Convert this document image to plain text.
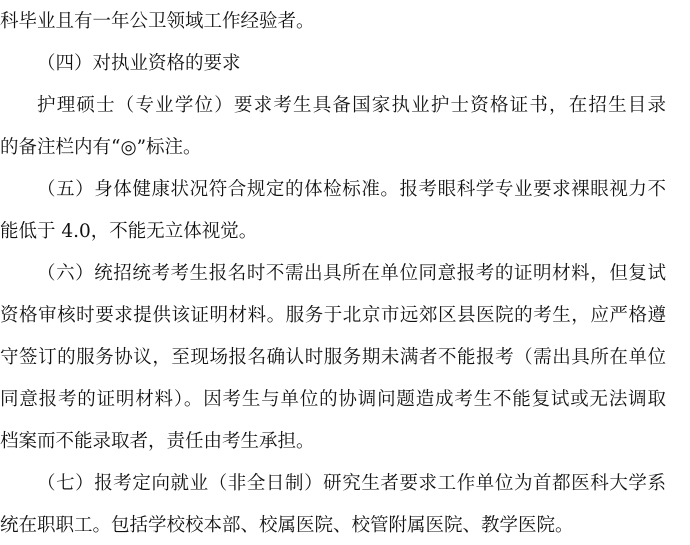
科毕业且有一年公卫领域工作经验者。
（四）对执业资格的要求
护理硕士（专业学位）要求考生具备国家执业护士资格证书，在招生目录
的备注栏内有“◎”标注。
（五）身体健康状况符合规定的体检标准。报考眼科学专业要求裸眼视力不
能低于 4.0，不能无立体视觉。
（六）统招统考考生报名时不需出具所在单位同意报考的证明材料，但复试
资格审核时要求提供该证明材料。服务于北京市远郊区县医院的考生，应严格遵
守签订的服务协议，至现场报名确认时服务期未满者不能报考（需出具所在单位
同意报考的证明材料）。因考生与单位的协调问题造成考生不能复试或无法调取
档案而不能录取者，责任由考生承担。
（七）报考定向就业（非全日制）研究生者要求工作单位为首都医科大学系
统在职职工。包括学校校本部、校属医院、校管附属医院、教学医院。
